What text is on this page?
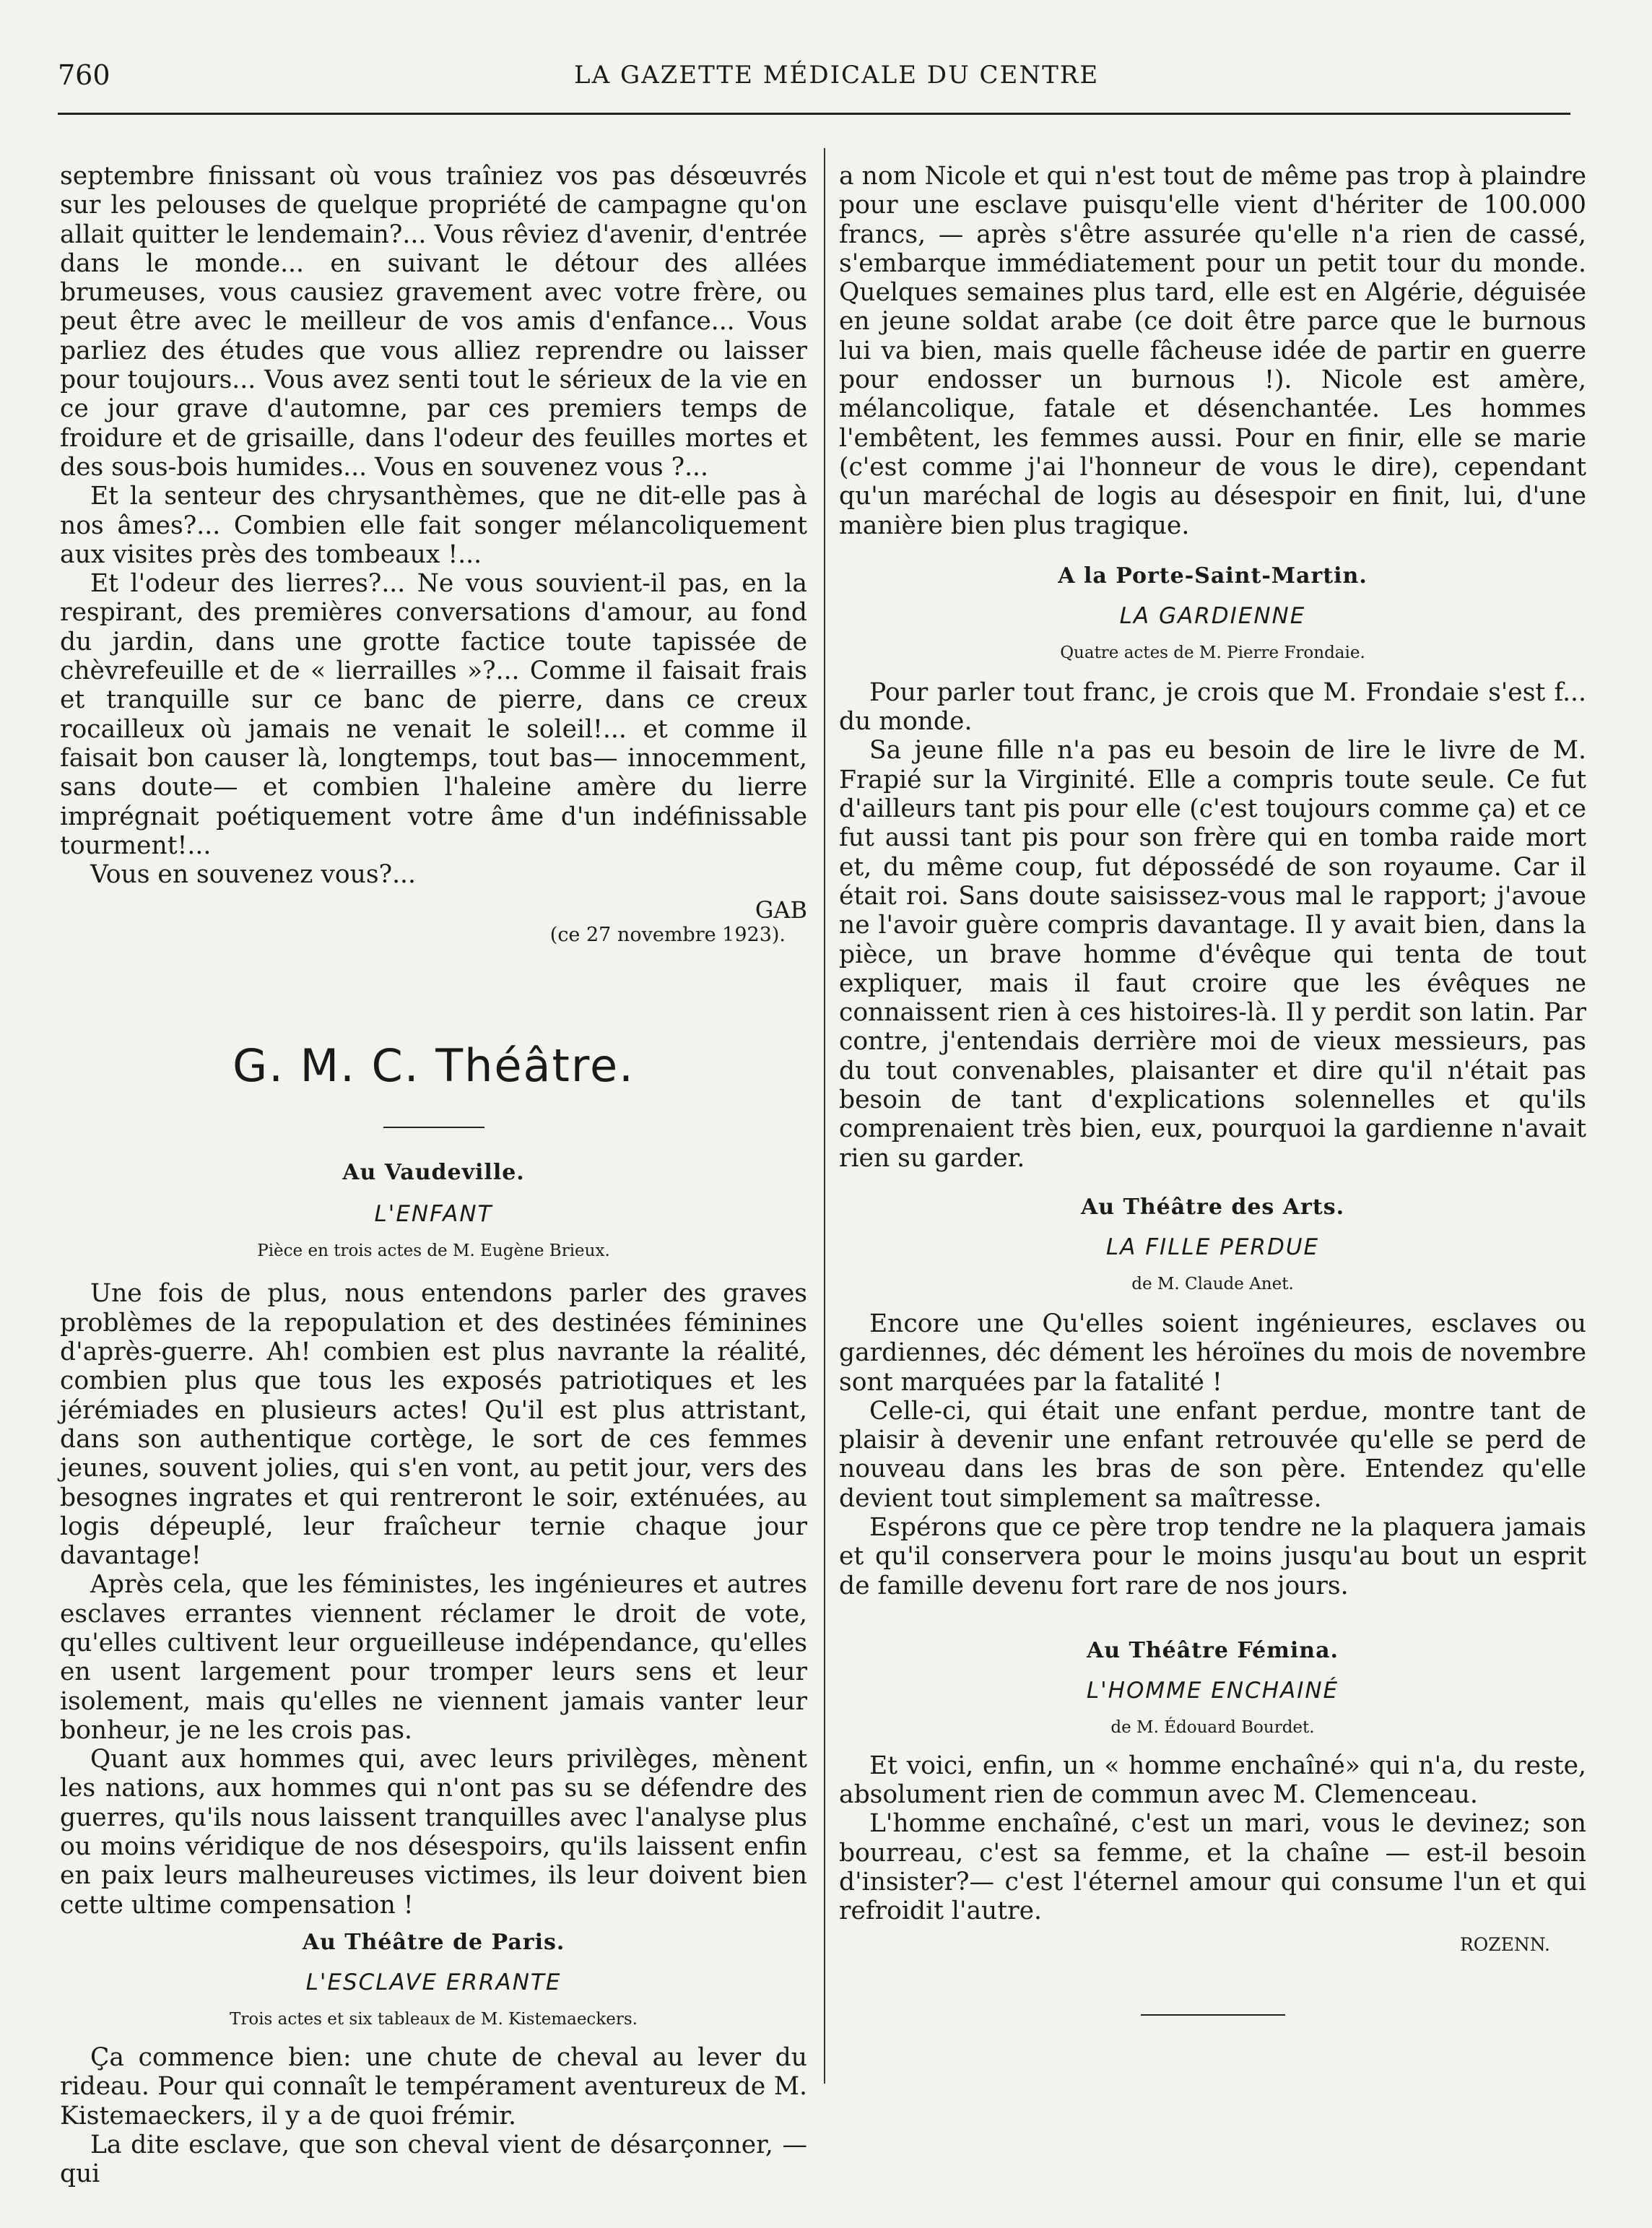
760	LA GAZETTE MÉDICALE DU CENTRE

septembre finissant où vous traîniez vos pas désœuvrés sur les pelouses de quelque propriété de campagne qu'on allait quitter le lendemain?... Vous rêviez d'avenir, d'entrée dans le monde... en suivant le détour des allées brumeuses, vous causiez gravement avec votre frère, ou peut être avec le meilleur de vos amis d'enfance... Vous parliez des études que vous alliez reprendre ou laisser pour toujours... Vous avez senti tout le sérieux de la vie en ce jour grave d'automne, par ces premiers temps de froidure et de grisaille, dans l'odeur des feuilles mortes et des sous-bois humides... Vous en souvenez vous ?...

Et la senteur des chrysanthèmes, que ne dit-elle pas à nos âmes?... Combien elle fait songer mélancoliquement aux visites près des tombeaux !...

Et l'odeur des lierres?... Ne vous souvient-il pas, en la respirant, des premières conversations d'amour, au fond du jardin, dans une grotte factice toute tapissée de chèvrefeuille et de « lierrailles »?... Comme il faisait frais et tranquille sur ce banc de pierre, dans ce creux rocailleux où jamais ne venait le soleil!... et comme il faisait bon causer là, longtemps, tout bas— innocemment, sans doute— et combien l'haleine amère du lierre imprégnait poétiquement votre âme d'un indéfinissable tourment!...

Vous en souvenez vous?...

GAB
(ce 27 novembre 1923).
G. M. C. Théâtre.
Au Vaudeville.
L'ENFANT
Pièce en trois actes de M. Eugène Brieux.

Une fois de plus, nous entendons parler des graves problèmes de la repopulation et des destinées féminines d'après-guerre. Ah! combien est plus navrante la réalité, combien plus que tous les exposés patriotiques et les jérémiades en plusieurs actes! Qu'il est plus attristant, dans son authentique cortège, le sort de ces femmes jeunes, souvent jolies, qui s'en vont, au petit jour, vers des besognes ingrates et qui rentreront le soir, exténuées, au logis dépeuplé, leur fraîcheur ternie chaque jour davantage!

Après cela, que les féministes, les ingénieures et autres esclaves errantes viennent réclamer le droit de vote, qu'elles cultivent leur orgueilleuse indépendance, qu'elles en usent largement pour tromper leurs sens et leur isolement, mais qu'elles ne viennent jamais vanter leur bonheur, je ne les crois pas.

Quant aux hommes qui, avec leurs privilèges, mènent les nations, aux hommes qui n'ont pas su se défendre des guerres, qu'ils nous laissent tranquilles avec l'analyse plus ou moins véridique de nos désespoirs, qu'ils laissent enfin en paix leurs malheureuses victimes, ils leur doivent bien cette ultime compensation !

Au Théâtre de Paris.
L'ESCLAVE ERRANTE
Trois actes et six tableaux de M. Kistemaeckers.

Ça commence bien: une chute de cheval au lever du rideau. Pour qui connaît le tempérament aventureux de M. Kistemaeckers, il y a de quoi frémir.

La dite esclave, que son cheval vient de désarçonner, —qui

a nom Nicole et qui n'est tout de même pas trop à plaindre pour une esclave puisqu'elle vient d'hériter de 100.000 francs, — après s'être assurée qu'elle n'a rien de cassé, s'embarque immédiatement pour un petit tour du monde. Quelques semaines plus tard, elle est en Algérie, déguisée en jeune soldat arabe (ce doit être parce que le burnous lui va bien, mais quelle fâcheuse idée de partir en guerre pour endosser un burnous !). Nicole est amère, mélancolique, fatale et désenchantée. Les hommes l'embêtent, les femmes aussi. Pour en finir, elle se marie (c'est comme j'ai l'honneur de vous le dire), cependant qu'un maréchal de logis au désespoir en finit, lui, d'une manière bien plus tragique.

A la Porte-Saint-Martin.
LA GARDIENNE
Quatre actes de M. Pierre Frondaie.

Pour parler tout franc, je crois que M. Frondaie s'est f... du monde.

Sa jeune fille n'a pas eu besoin de lire le livre de M. Frapié sur la Virginité. Elle a compris toute seule. Ce fut d'ailleurs tant pis pour elle (c'est toujours comme ça) et ce fut aussi tant pis pour son frère qui en tomba raide mort et, du même coup, fut dépossédé de son royaume. Car il était roi. Sans doute saisissez-vous mal le rapport; j'avoue ne l'avoir guère compris davantage. Il y avait bien, dans la pièce, un brave homme d'évêque qui tenta de tout expliquer, mais il faut croire que les évêques ne connaissent rien à ces histoires-là. Il y perdit son latin. Par contre, j'entendais derrière moi de vieux messieurs, pas du tout convenables, plaisanter et dire qu'il n'était pas besoin de tant d'explications solennelles et qu'ils comprenaient très bien, eux, pourquoi la gardienne n'avait rien su garder.

Au Théâtre des Arts.
LA FILLE PERDUE
de M. Claude Anet.

Encore une Qu'elles soient ingénieures, esclaves ou gardiennes, déc dément les héroïnes du mois de novembre sont marquées par la fatalité !

Celle-ci, qui était une enfant perdue, montre tant de plaisir à devenir une enfant retrouvée qu'elle se perd de nouveau dans les bras de son père. Entendez qu'elle devient tout simplement sa maîtresse.

Espérons que ce père trop tendre ne la plaquera jamais et qu'il conservera pour le moins jusqu'au bout un esprit de famille devenu fort rare de nos jours.

Au Théâtre Fémina.
L'HOMME ENCHAINÉ
de M. Édouard Bourdet.

Et voici, enfin, un « homme enchaîné» qui n'a, du reste, absolument rien de commun avec M. Clemenceau.

L'homme enchaîné, c'est un mari, vous le devinez; son bourreau, c'est sa femme, et la chaîne — est-il besoin d'insister?— c'est l'éternel amour qui consume l'un et qui refroidit l'autre.

ROZENN.
